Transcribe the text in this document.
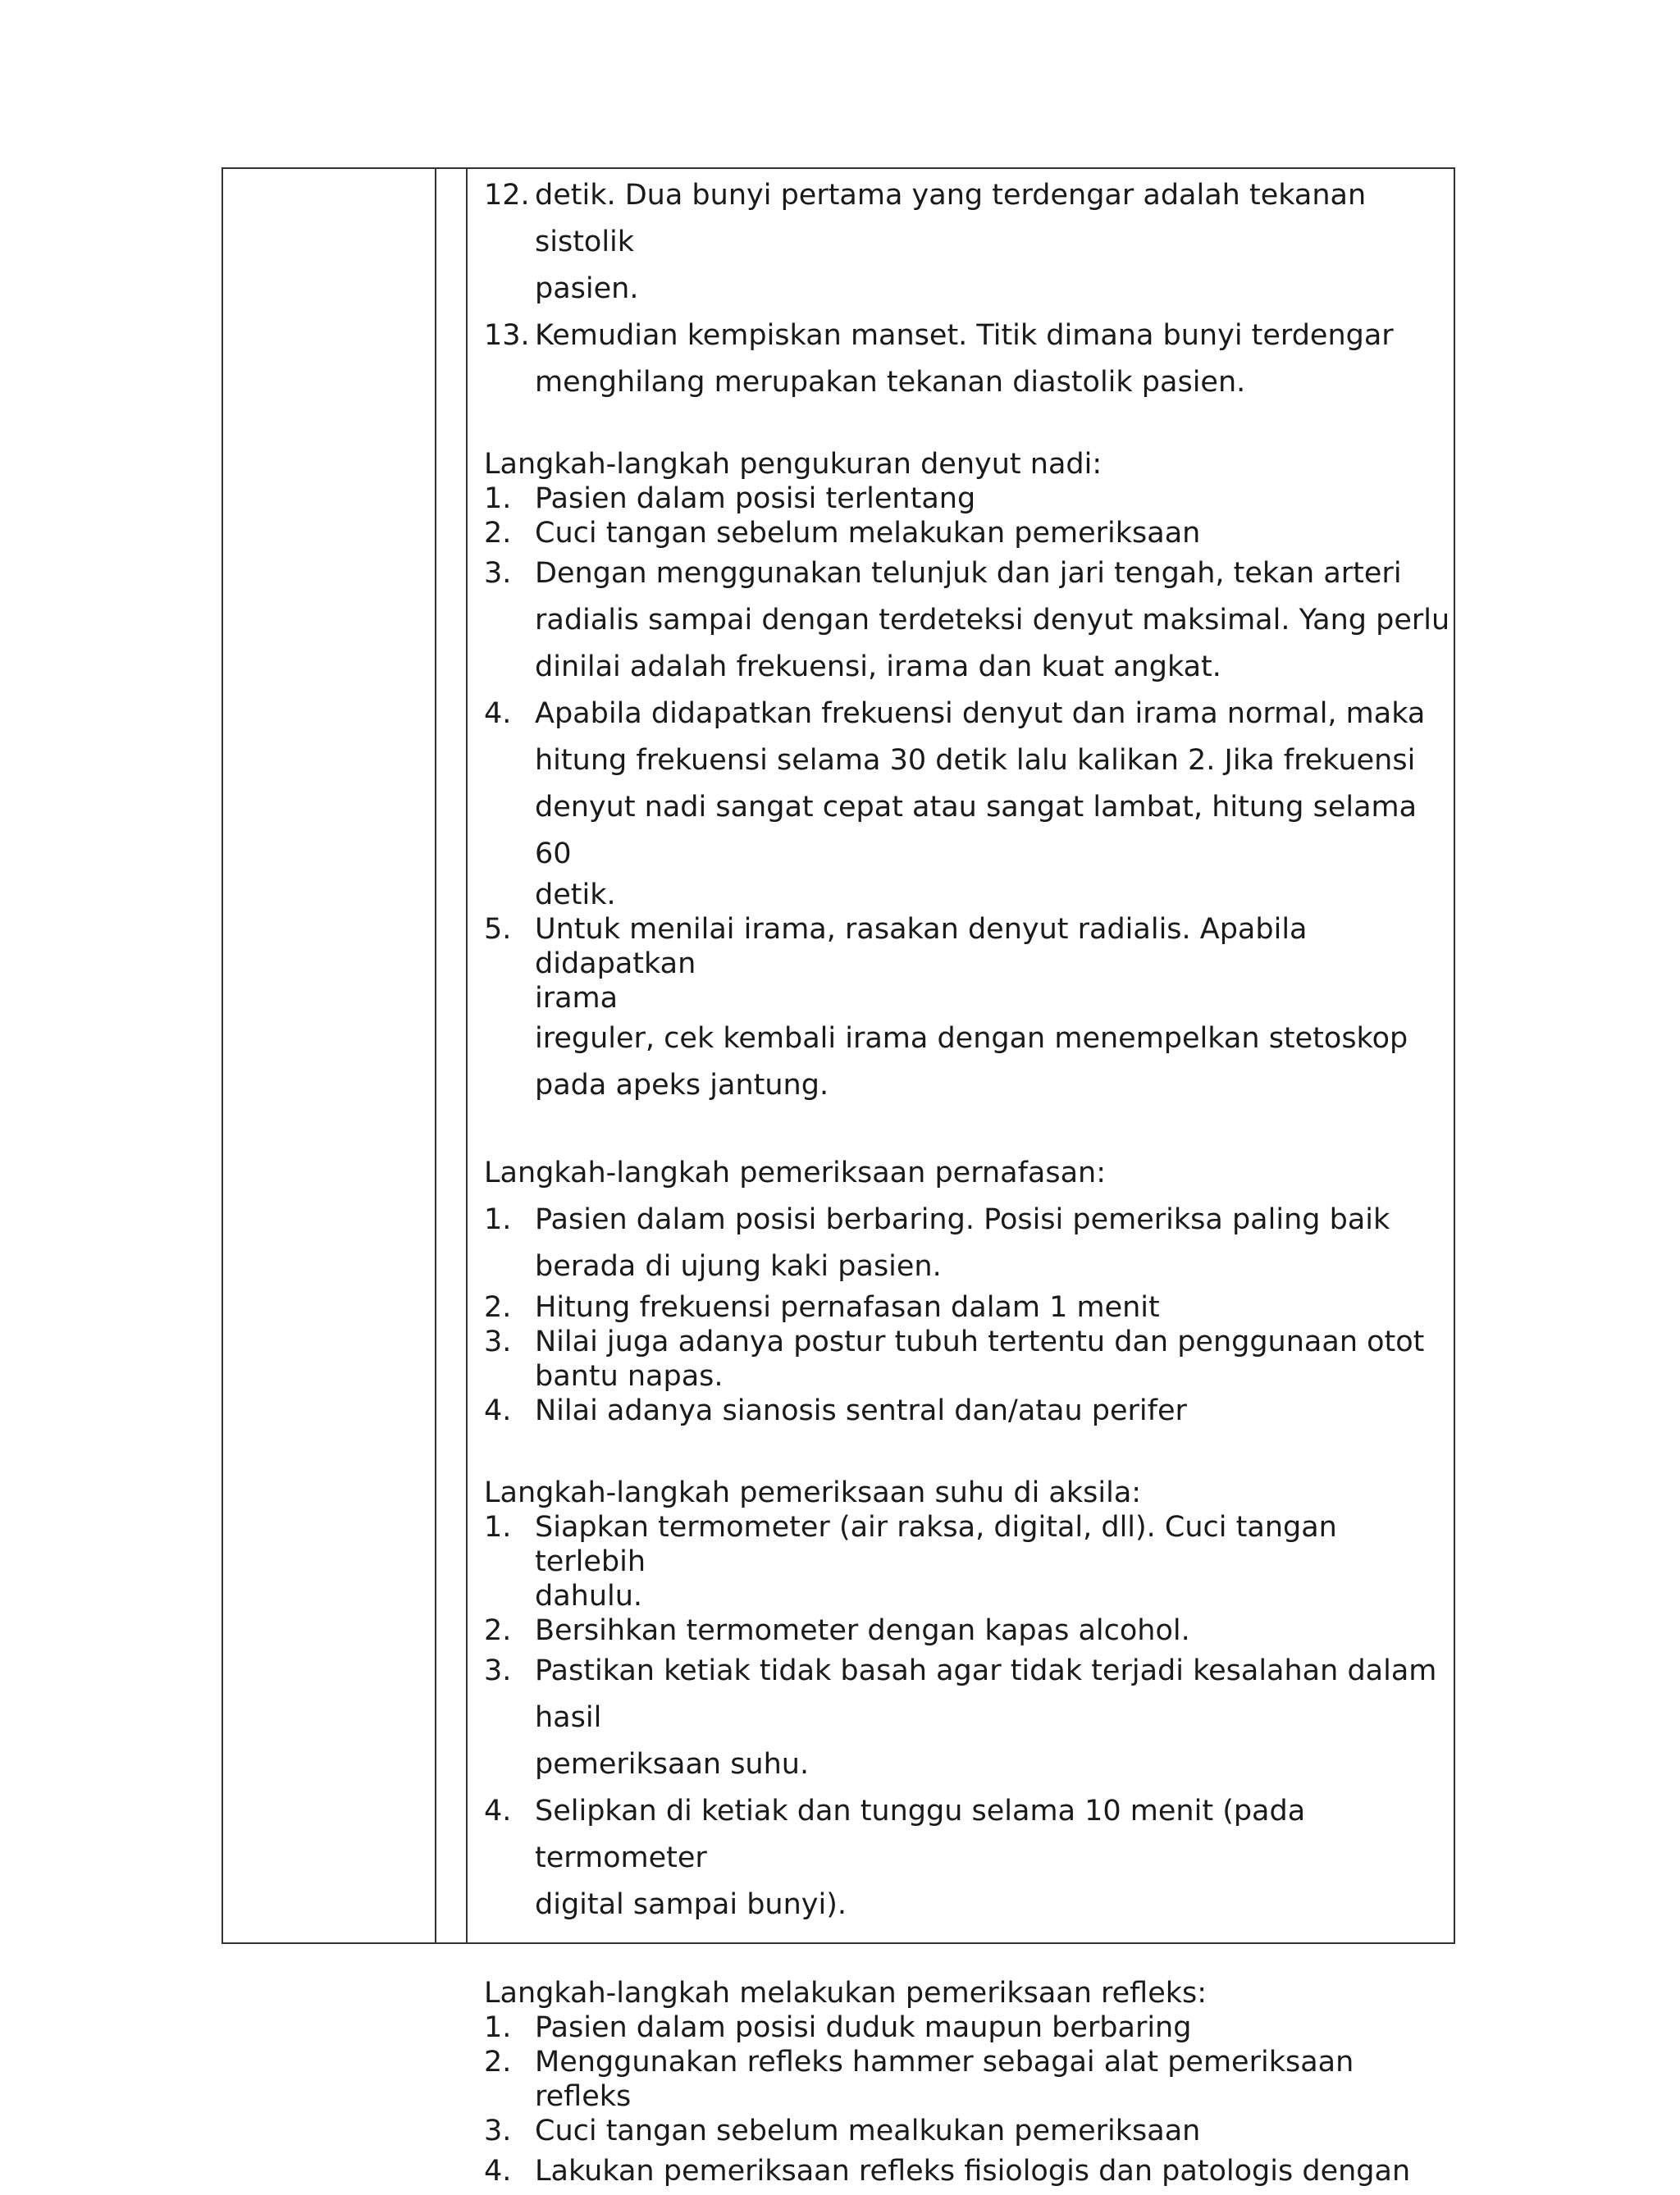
12. detik. Dua bunyi pertama yang terdengar adalah tekanan sistolik
pasien.
13. Kemudian kempiskan manset. Titik dimana bunyi terdengar
menghilang merupakan tekanan diastolik pasien.

Langkah-langkah pengukuran denyut nadi:

1. Pasien dalam posisi terlentang
2. Cuci tangan sebelum melakukan pemeriksaan
3. Dengan menggunakan telunjuk dan jari tengah, tekan arteri
radialis sampai dengan terdeteksi denyut maksimal. Yang perlu
dinilai adalah frekuensi, irama dan kuat angkat.
4. Apabila didapatkan frekuensi denyut dan irama normal, maka
hitung frekuensi selama 30 detik lalu kalikan 2. Jika frekuensi
denyut nadi sangat cepat atau sangat lambat, hitung selama 60
detik.
5. Untuk menilai irama, rasakan denyut radialis. Apabila didapatkan
irama
ireguler, cek kembali irama dengan menempelkan stetoskop
pada apeks jantung.

Langkah-langkah pemeriksaan pernafasan:

1. Pasien dalam posisi berbaring. Posisi pemeriksa paling baik
berada di ujung kaki pasien.
2. Hitung frekuensi pernafasan dalam 1 menit
3. Nilai juga adanya postur tubuh tertentu dan penggunaan otot
bantu napas.
4. Nilai adanya sianosis sentral dan/atau perifer

Langkah-langkah pemeriksaan suhu di aksila:

1. Siapkan termometer (air raksa, digital, dll). Cuci tangan terlebih
dahulu.
2. Bersihkan termometer dengan kapas alcohol.
3. Pastikan ketiak tidak basah agar tidak terjadi kesalahan dalam hasil
pemeriksaan suhu.
4. Selipkan di ketiak dan tunggu selama 10 menit (pada termometer
digital sampai bunyi).

Langkah-langkah melakukan pemeriksaan refleks:

1. Pasien dalam posisi duduk maupun berbaring
2. Menggunakan refleks hammer sebagai alat pemeriksaan refleks
3. Cuci tangan sebelum mealkukan pemeriksaan
4. Lakukan pemeriksaan refleks fisiologis dan patologis dengan
